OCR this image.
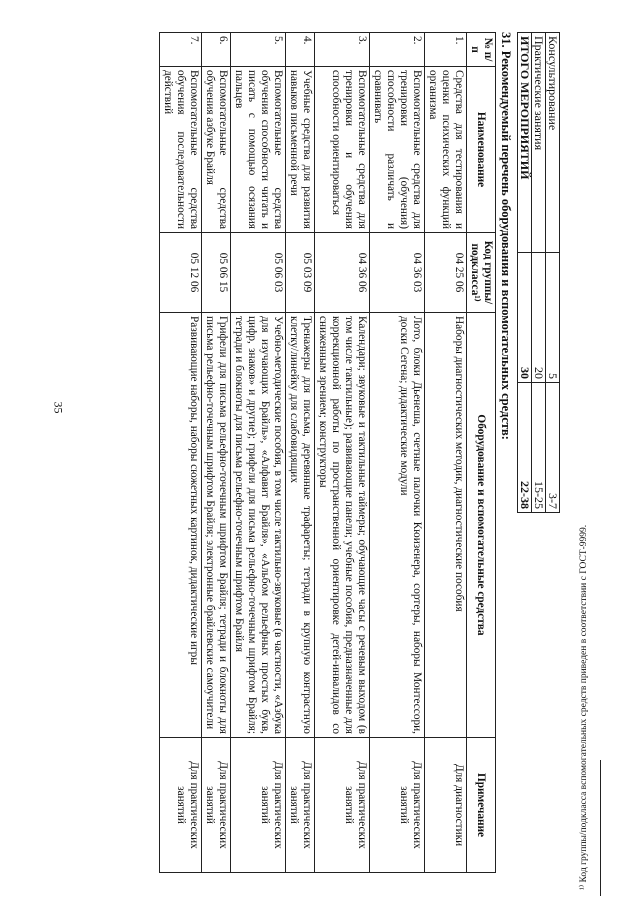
35
Консультирование	5	3-7
Практические занятия	20	15-25
ИТОГО МЕРОПРИЯТИЙ	30	22-38
31. Рекомендуемый перечень оборудования и вспомогательных средств:
№ п/п	Наименование	Код группы/ подкласса¹⁾	Оборудование и вспомогательные средства	Примечание
1.	Средства для тестирования и оценки психических функций организма	04 25 06	Наборы диагностических методик, диагностические пособия	Для диагностики
2.	Вспомогательные средства для тренировки (обучения) способности различать и сравнивать	04 36 03	Лото, блоки Дьенеша, счетные палочки Кюизенера, сортеры, наборы Монтессори, доски Сегена; дидактические модули	Для практических занятий
3.	Вспомогательные средства для тренировки и обучения способности ориентироваться	04 36 06	Календари; звуковые и тактильные таймеры; обучающие часы с речевым выходом (в том числе тактильные); развивающие панели; учебные пособия, предназначенные для коррекционной работы по пространственной ориентировке детей-инвалидов со сниженным зрением; конструкторы	Для практических занятий
4.	Учебные средства для развития навыков письменной речи	05 03 09	Тренажеры для письма, деревянные трафареты; тетради в крупную контрастную клетку/линейку для слабовидящих	Для практических занятий
5.	Вспомогательные средства обучения способности читать и писать с помощью осязания пальцев	05 06 03	Учебно-методические пособия, в том числе тактильно-звуковые (в частности, «Азбука для изучающих Брайль», «Алфавит Брайля», «Альбом рельефных простых букв, цифр, знаков» и другие); грифели для письма рельефно-точечным шрифтом Брайля; тетради и блокноты для письма рельефно-точечным шрифтом Брайля	Для практических занятий
6.	Вспомогательные средства обучения азбуке Брайля	05 06 15	Грифели для письма рельефно-точечным шрифтом Брайля; тетради и блокноты для письма рельефно-точечным шрифтом Брайля; электронные брайлевские самоучители	Для практических занятий
7.	Вспомогательные средства обучения последовательности действий	05 12 06	Развивающие наборы, наборы сюжетных картинок, дидактические игры	Для практических занятий	¹⁾ Код группы/подкласса вспомогательных средств приведен в соответствии с ГОСТ-9999.
